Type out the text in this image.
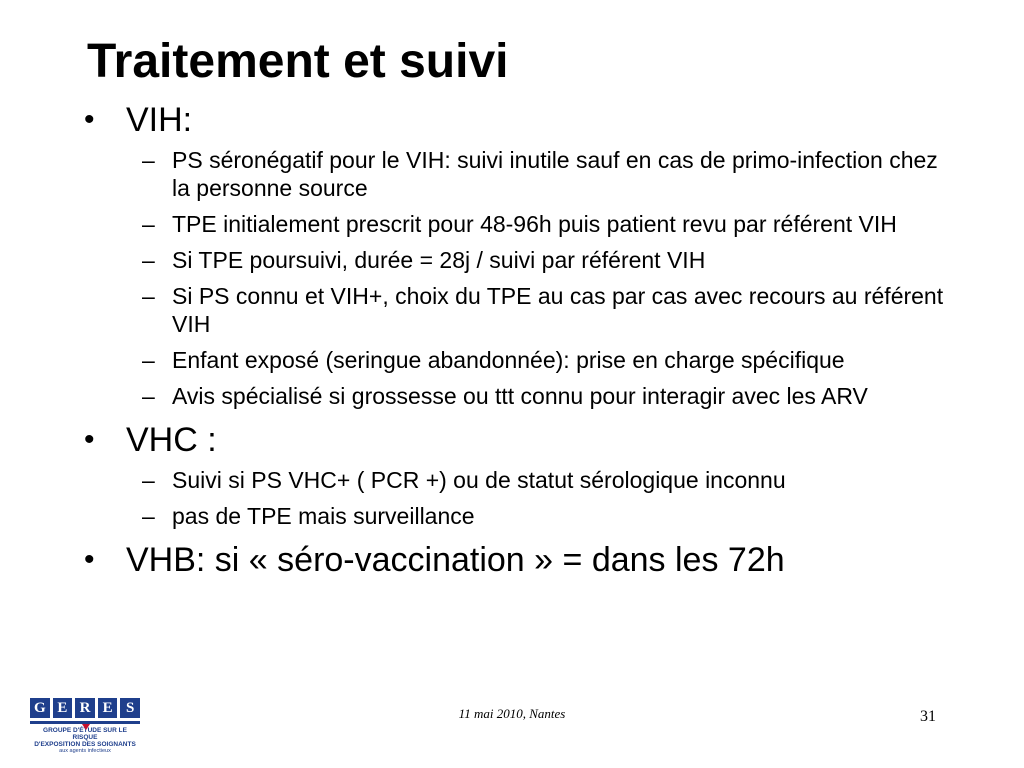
Traitement et suivi
• VIH:
– PS séronégatif pour le VIH: suivi inutile sauf en cas de primo-infection chez la personne source
– TPE initialement prescrit pour 48-96h puis patient revu par référent VIH
– Si TPE poursuivi, durée = 28j / suivi par référent VIH
– Si PS connu et VIH+, choix du TPE au cas par cas avec recours au référent VIH
– Enfant exposé (seringue abandonnée): prise en charge spécifique
– Avis spécialisé si grossesse ou ttt connu pour interagir avec les ARV
• VHC :
– Suivi si PS VHC+ ( PCR +) ou de statut sérologique inconnu
– pas de TPE mais surveillance
• VHB: si « séro-vaccination » = dans les 72h
G E R E S
GROUPE D'ÉTUDE SUR LE RISQUE
D'EXPOSITION DES SOIGNANTS
aux agents infectieux
11 mai 2010, Nantes	31
